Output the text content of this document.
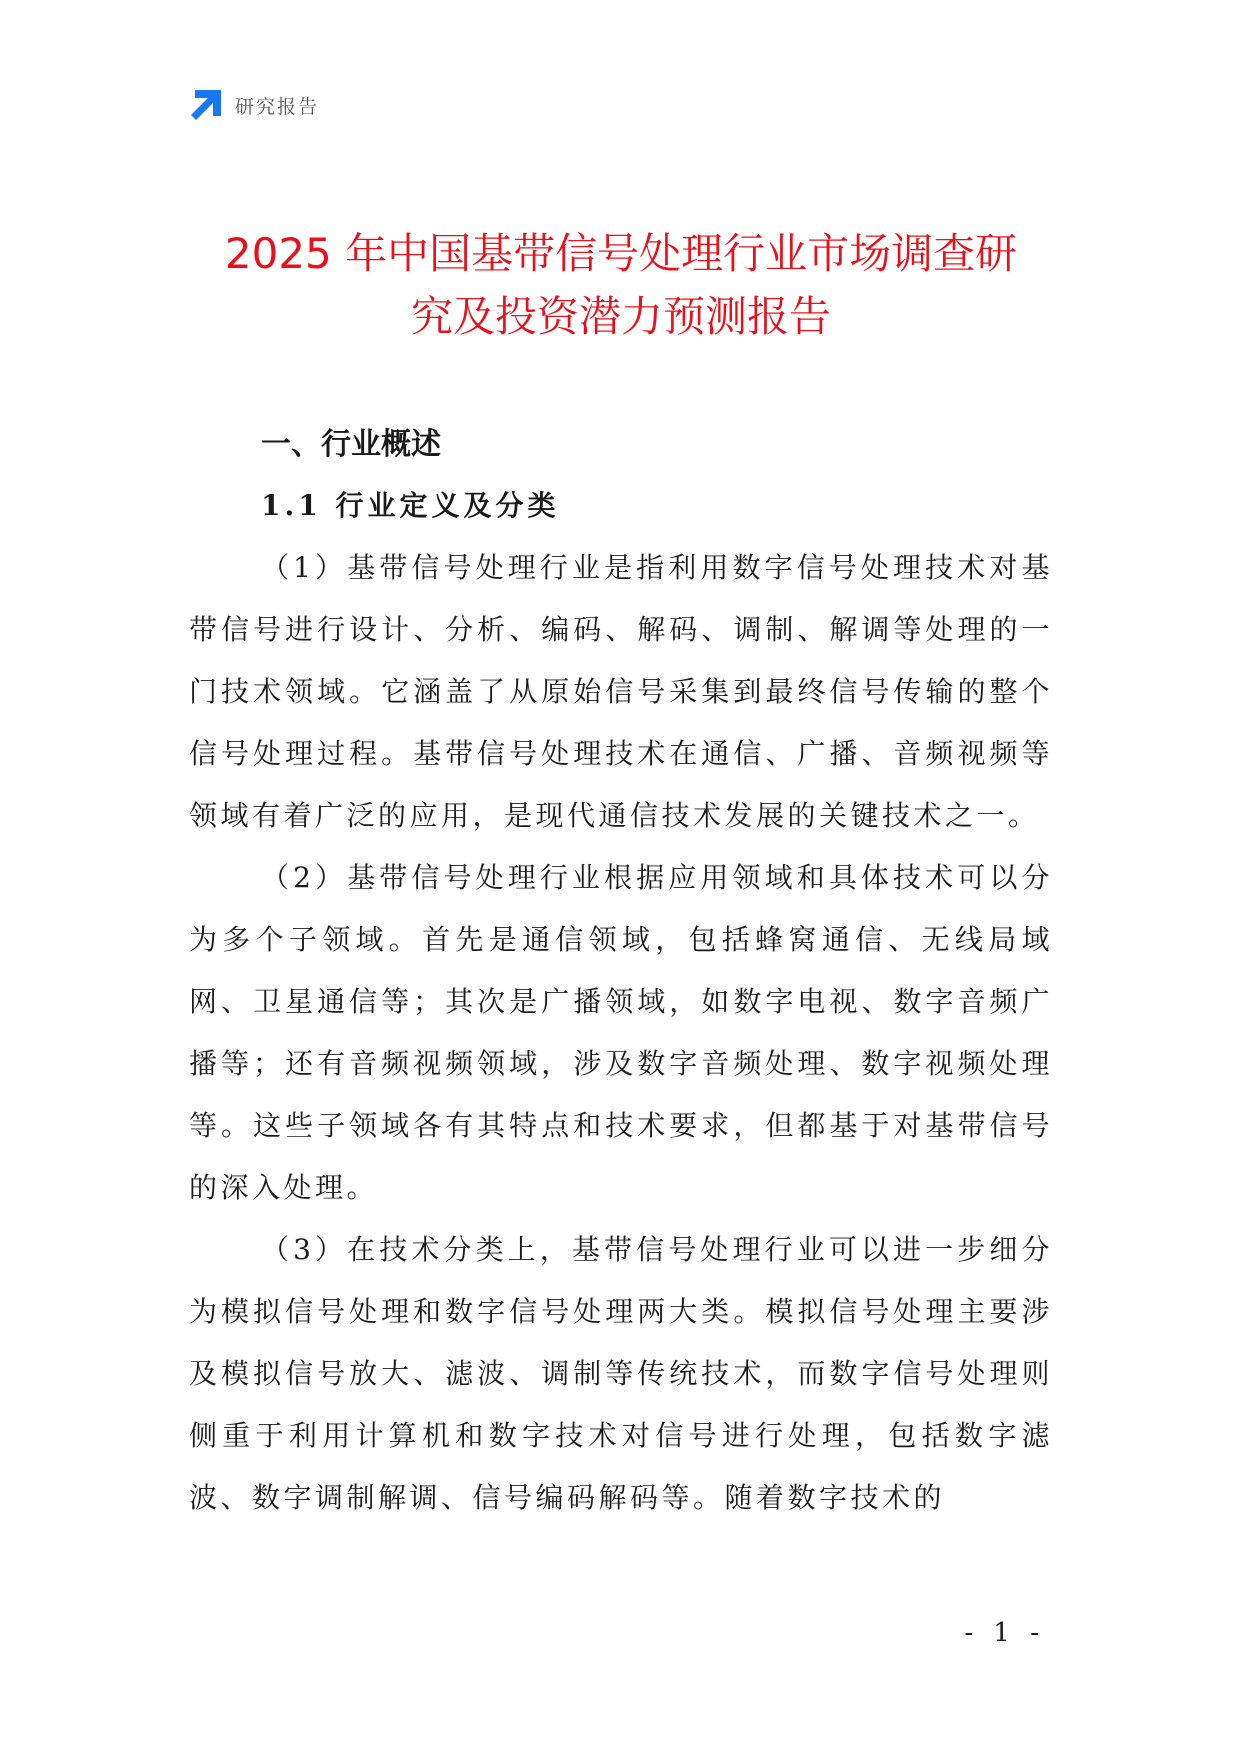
研究报告
2025 年中国基带信号处理行业市场调查研
究及投资潜力预测报告
一、行业概述
1.1 行业定义及分类

（1）基带信号处理行业是指利用数字信号处理技术对基带信号进行设计、分析、编码、解码、调制、解调等处理的一门技术领域。它涵盖了从原始信号采集到最终信号传输的整个信号处理过程。基带信号处理技术在通信、广播、音频视频等领域有着广泛的应用，是现代通信技术发展的关键技术之一。

（2）基带信号处理行业根据应用领域和具体技术可以分为多个子领域。首先是通信领域，包括蜂窝通信、无线局域网、卫星通信等；其次是广播领域，如数字电视、数字音频广播等；还有音频视频领域，涉及数字音频处理、数字视频处理等。这些子领域各有其特点和技术要求，但都基于对基带信号的深入处理。

（3）在技术分类上，基带信号处理行业可以进一步细分为模拟信号处理和数字信号处理两大类。模拟信号处理主要涉及模拟信号放大、滤波、调制等传统技术，而数字信号处理则侧重于利用计算机和数字技术对信号进行处理，包括数字滤波、数字调制解调、信号编码解码等。随着数字技术的

- 1 -
